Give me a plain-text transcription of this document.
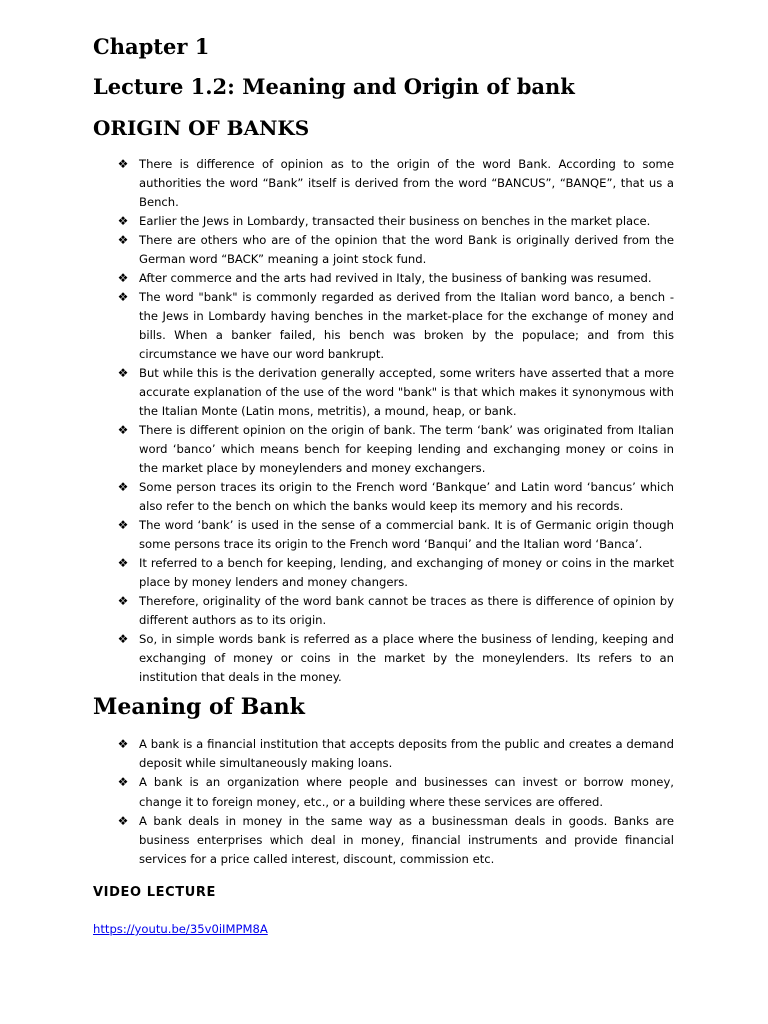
Chapter 1
Lecture 1.2: Meaning and Origin of bank
ORIGIN OF BANKS
❖ There is difference of opinion as to the origin of the word Bank. According to some authorities the word “Bank” itself is derived from the word “BANCUS”, “BANQE”, that us a Bench.
❖ Earlier the Jews in Lombardy, transacted their business on benches in the market place.
❖ There are others who are of the opinion that the word Bank is originally derived from the German word “BACK” meaning a joint stock fund.
❖ After commerce and the arts had revived in Italy, the business of banking was resumed.
❖ The word "bank" is commonly regarded as derived from the Italian word banco, a bench - the Jews in Lombardy having benches in the market-place for the exchange of money and bills. When a banker failed, his bench was broken by the populace; and from this circumstance we have our word bankrupt.
❖ But while this is the derivation generally accepted, some writers have asserted that a more accurate explanation of the use of the word "bank" is that which makes it synonymous with the Italian Monte (Latin mons, metritis), a mound, heap, or bank.
❖ There is different opinion on the origin of bank. The term ‘bank’ was originated from Italian word ‘banco’ which means bench for keeping lending and exchanging money or coins in the market place by moneylenders and money exchangers.
❖ Some person traces its origin to the French word ‘Bankque’ and Latin word ‘bancus’ which also refer to the bench on which the banks would keep its memory and his records.
❖ The word ‘bank’ is used in the sense of a commercial bank. It is of Germanic origin though some persons trace its origin to the French word ‘Banqui’ and the Italian word ‘Banca’.
❖ It referred to a bench for keeping, lending, and exchanging of money or coins in the market place by money lenders and money changers.
❖ Therefore, originality of the word bank cannot be traces as there is difference of opinion by different authors as to its origin.
❖ So, in simple words bank is referred as a place where the business of lending, keeping and exchanging of money or coins in the market by the moneylenders. Its refers to an institution that deals in the money.
Meaning of Bank
❖ A bank is a financial institution that accepts deposits from the public and creates a demand deposit while simultaneously making loans.
❖ A bank is an organization where people and businesses can invest or borrow money, change it to foreign money, etc., or a building where these services are offered.
❖ A bank deals in money in the same way as a businessman deals in goods. Banks are business enterprises which deal in money, financial instruments and provide financial services for a price called interest, discount, commission etc.
VIDEO LECTURE
https://youtu.be/35v0iIMPM8A
